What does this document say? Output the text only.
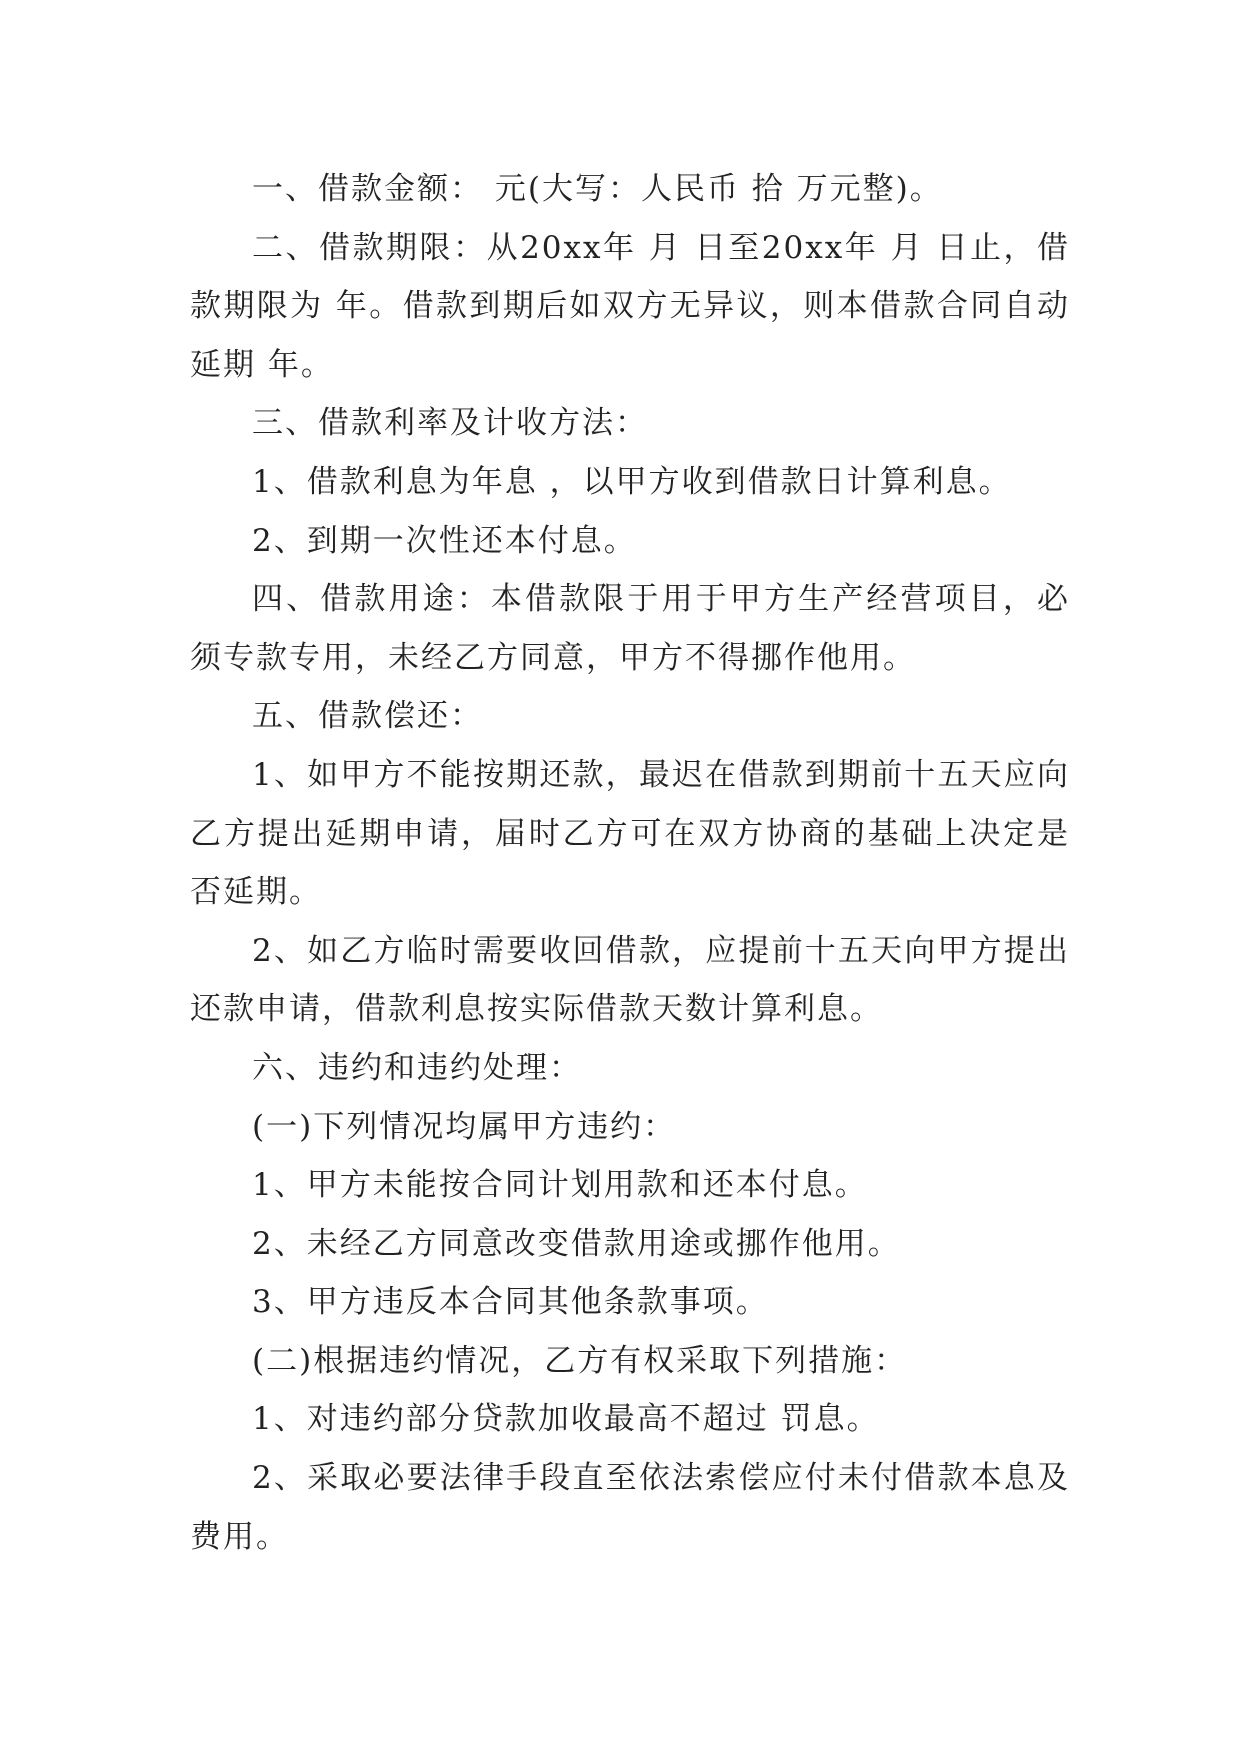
一、借款金额： 元(大写：人民币 拾 万元整)。

二、借款期限：从20xx年 月 日至20xx年 月 日止，借款期限为 年。借款到期后如双方无异议，则本借款合同自动延期 年。

三、借款利率及计收方法：

1、借款利息为年息 ，以甲方收到借款日计算利息。

2、到期一次性还本付息。

四、借款用途：本借款限于用于甲方生产经营项目，必须专款专用，未经乙方同意，甲方不得挪作他用。

五、借款偿还：

1、如甲方不能按期还款，最迟在借款到期前十五天应向乙方提出延期申请，届时乙方可在双方协商的基础上决定是否延期。

2、如乙方临时需要收回借款，应提前十五天向甲方提出还款申请，借款利息按实际借款天数计算利息。

六、违约和违约处理：

(一)下列情况均属甲方违约：

1、甲方未能按合同计划用款和还本付息。

2、未经乙方同意改变借款用途或挪作他用。

3、甲方违反本合同其他条款事项。

(二)根据违约情况，乙方有权采取下列措施：

1、对违约部分贷款加收最高不超过 罚息。

2、采取必要法律手段直至依法索偿应付未付借款本息及费用。
